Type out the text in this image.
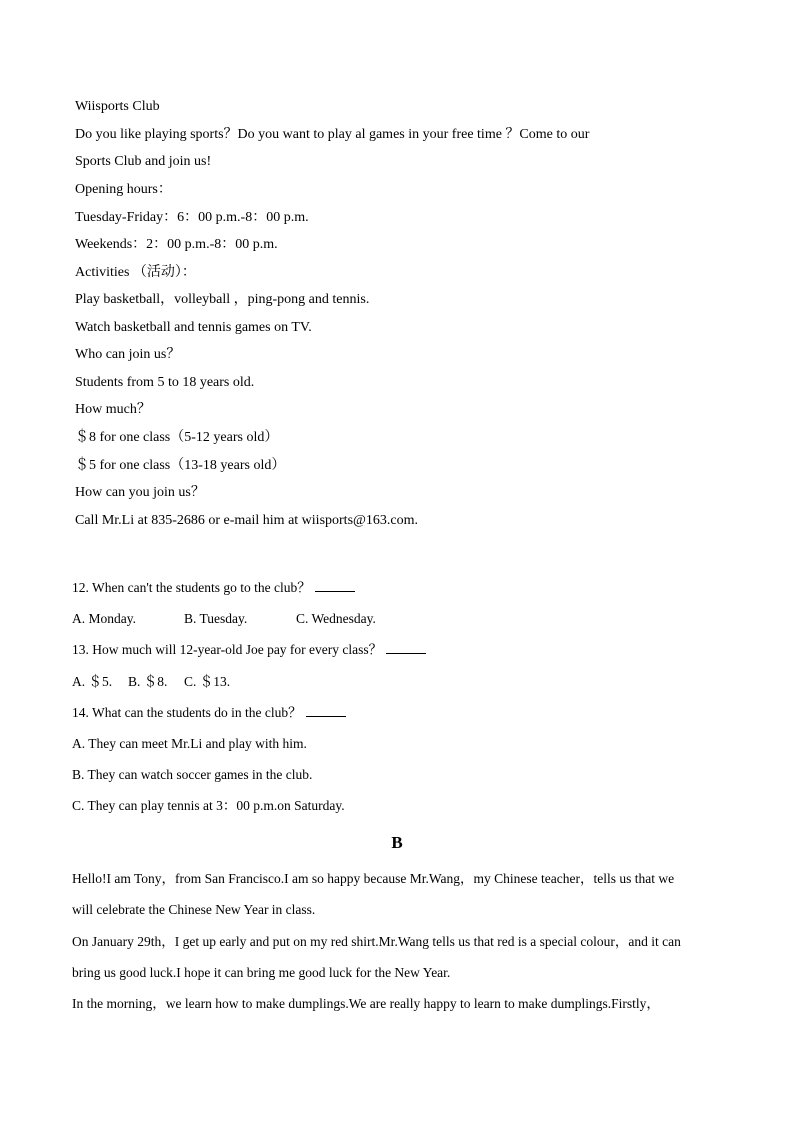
Wiisports Club
Do you like playing sports？Do you want to play al games in your free time ？Come to our
Sports Club and join us!
Opening hours：
Tuesday-Friday：6：00 p.m.-8：00 p.m.
Weekends：2：00 p.m.-8：00 p.m.
Activities （活动）：
Play basketball，volleyball ，ping-pong and tennis.
Watch basketball and tennis games on TV.
Who can join us？
Students from 5 to 18 years old.
How much？
＄8 for one class（5-12 years old）
＄5 for one class（13-18 years old）
How can you join us？
Call Mr.Li at 835-2686 or e-mail him at wiisports@163.com.
12. When can't the students go to the club？
A. Monday.	B. Tuesday.	C. Wednesday.
13. How much will 12-year-old Joe pay for every class？
A. ＄5. B. ＄8. C. ＄13.
14. What can the students do in the club？
A. They can meet Mr.Li and play with him.
B. They can watch soccer games in the club.
C. They can play tennis at 3：00 p.m.on Saturday.
B
Hello!I am Tony，from San Francisco.I am so happy because Mr.Wang，my Chinese teacher，tells us that we
will celebrate the Chinese New Year in class.
On January 29th，I get up early and put on my red shirt.Mr.Wang tells us that red is a special colour，and it can
bring us good luck.I hope it can bring me good luck for the New Year.
In the morning，we learn how to make dumplings.We are really happy to learn to make dumplings.Firstly，
